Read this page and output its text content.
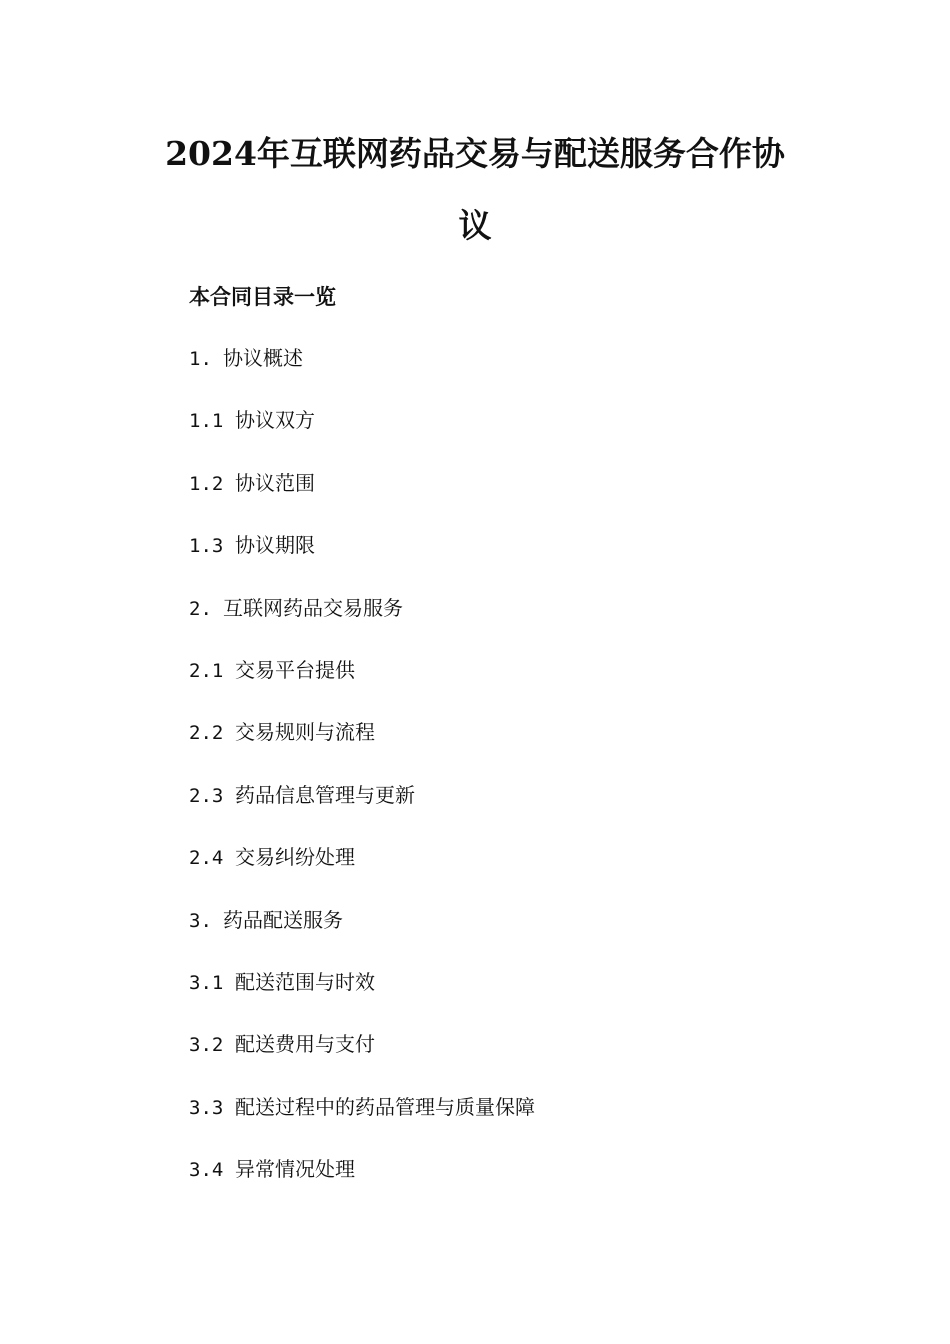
2024年互联网药品交易与配送服务合作协
议
本合同目录一览
1. 协议概述
1.1 协议双方
1.2 协议范围
1.3 协议期限
2. 互联网药品交易服务
2.1 交易平台提供
2.2 交易规则与流程
2.3 药品信息管理与更新
2.4 交易纠纷处理
3. 药品配送服务
3.1 配送范围与时效
3.2 配送费用与支付
3.3 配送过程中的药品管理与质量保障
3.4 异常情况处理
